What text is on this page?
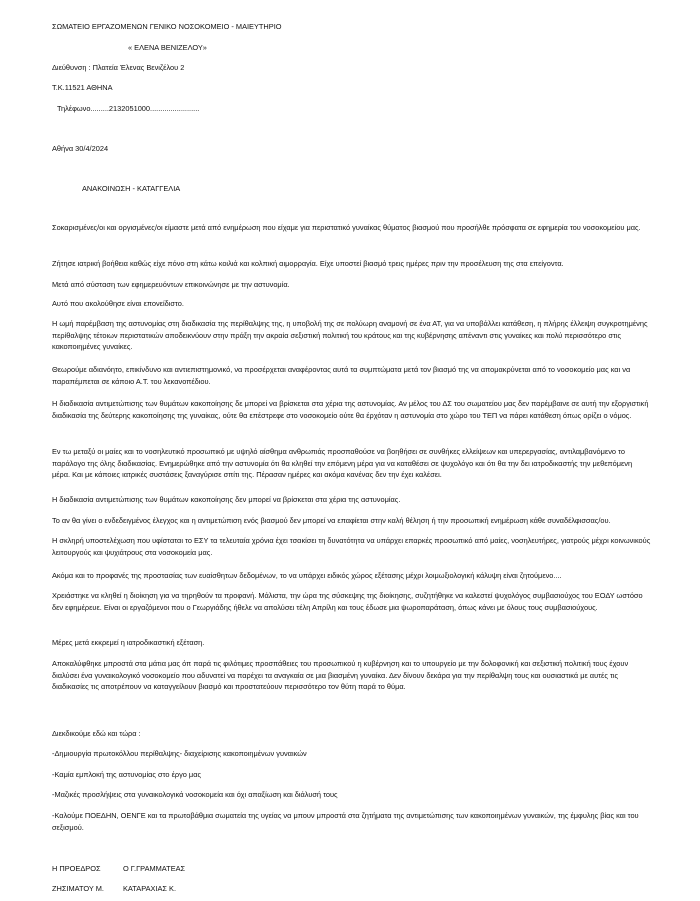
ΣΩΜΑΤΕΙΟ ΕΡΓΑΖΟΜΕΝΩΝ ΓΕΝΙΚΟ ΝΟΣΟΚΟΜΕΙΟ - ΜΑΙΕΥΤΗΡΙΟ

« ΕΛΕΝΑ ΒΕΝΙΖΕΛΟΥ»

Διεύθυνση : Πλατεία Έλενας Βενιζέλου 2

Τ.Κ.11521 ΑΘΗΝΑ

Τηλέφωνο.........2132051000........................

Αθήνα 30/4/2024

ΑΝΑΚΟΙΝΩΣΗ - ΚΑΤΑΓΓΕΛΙΑ

Σοκαρισμένες/οι και οργισμένες/οι είμαστε μετά από ενημέρωση που είχαμε για περιστατικό γυναίκας θύματος βιασμού που προσήλθε πρόσφατα σε εφημερία του νοσοκομείου μας.

Ζήτησε ιατρική βοήθεια καθώς είχε πόνο στη κάτω κοιλιά και κολπική αιμορραγία. Είχε υποστεί βιασμό τρεις ημέρες πριν την προσέλευση της στα επείγοντα.

Μετά από σύσταση των εφημερευόντων επικοινώνησε με την αστυνομία.

Αυτό που ακολούθησε είναι επονείδιστο.

Η ωμή παρέμβαση της αστυνομίας στη διαδικασία της περίθαλψης της, η υποβολή της σε πολύωρη αναμονή σε ένα ΑΤ, για να υποβάλλει κατάθεση, η πλήρης έλλειψη συγκροτημένης περίθαλψης τέτοιων περιστατικών αποδεικνύουν στην πράξη την ακραία σεξιστική πολιτική του κράτους και της κυβέρνησης απέναντι στις γυναίκες και πολύ περισσότερο στις κακοποιημένες γυναίκες.

Θεωρούμε αδιανόητο, επικίνδυνο και αντιεπιστημονικό, να προσέρχεται αναφέροντας αυτά τα συμπτώματα μετά τον βιασμό της να απομακρύνεται από το νοσοκομείο μας και να παραπέμπεται σε κάποιο Α.Τ. του λεκανοπέδιου.

Η διαδικασία αντιμετώπισης των θυμάτων κακοποίησης δε μπορεί να βρίσκεται στα χέρια της αστυνομίας. Αν μέλος του ΔΣ του σωματείου μας δεν παρέμβαινε σε αυτή την εξοργιστική διαδικασία της δεύτερης κακοποίησης της γυναίκας, ούτε θα επέστρεφε στο νοσοκομείο ούτε θα έρχόταν η αστυνομία στο χώρο του ΤΕΠ να πάρει κατάθεση όπως ορίζει ο νόμος.

Εν τω μεταξύ οι μαίες και το νοσηλευτικό προσωπικό με υψηλό αίσθημα ανθρωπιάς προσπαθούσε να βοηθήσει σε συνθήκες ελλείψεων και υπερεργασίας, αντιλαμβανόμενο το παράλογο της όλης διαδικασίας. Ενημερώθηκε από την αστυνομία ότι θα κληθεί την επόμενη μέρα για να καταθέσει σε ψυχολόγο και ότι θα την δει ιατροδικαστής την μεθεπόμενη μέρα. Και με κάποιες ιατρικές συστάσεις ξαναγύρισε σπίτι της. Πέρασαν ημέρες και ακόμα κανένας δεν την έχει καλέσει.

Η διαδικασία αντιμετώπισης των θυμάτων κακοποίησης δεν μπορεί να βρίσκεται στα χέρια της αστυνομίας.

Το αν θα γίνει ο ενδεδειγμένος έλεγχος και η αντιμετώπιση ενός βιασμού δεν μπορεί να επαφίεται στην καλή θέληση ή την προσωπική ενημέρωση κάθε συναδέλφισσας/ου.

Η σκληρή υποστελέχωση που υφίσταται το ΕΣΥ τα τελευταία χρόνια έχει τσακίσει τη δυνατότητα να υπάρχει επαρκές προσωπικό από μαίες, νοσηλευτήρες, γιατρούς μέχρι κοινωνικούς λειτουργούς και ψυχιάτρους στα νοσοκομεία μας.

Ακόμα και το προφανές της προστασίας των ευαίσθητων δεδομένων, το να υπάρχει ειδικός χώρος εξέτασης μέχρι λοιμωξιολογική κάλυψη είναι ζητούμενο....

Χρειάστηκε να κληθεί η διοίκηση για να τηρηθούν τα προφανή. Μάλιστα, την ώρα της σύσκεψης της διοίκησης, συζητήθηκε να καλεστεί ψυχολόγος συμβασιούχος του ΕΟΔΥ ωστόσο δεν εφημέρευε. Είναι οι εργαζόμενοι που ο Γεωργιάδης ήθελε να απολύσει τέλη Απρίλη και τους έδωσε μια ψωροπαράταση, όπως κάνει με όλους τους συμβασιούχους.

Μέρες μετά εκκρεμεί η ιατροδικαστική εξέταση.

Αποκαλύφθηκε μπροστά στα μάτια μας όπ παρά τις φιλότιμες προσπάθειες του προσωπικού η κυβέρνηση και το υπουργείο με την δολοφονική και σεξιστική πολιτική τους έχουν διαλύσει ένα γυναικολογικό νοσοκομείο που αδυνατεί να παρέχει τα αναγκαία σε μια βιασμένη γυναίκα. Δεν δίνουν δεκάρα για την περίθαλψη τους και ουσιαστικά με αυτές τις διαδικασίες τις αποτρέπουν να καταγγείλουν βιασμό και προστατεύουν περισσότερο τον θύτη παρά το θύμα.

Διεκδικούμε εδώ και τώρα :

-Δημιουργία πρωτοκόλλου περίθαλψης- διαχείρισης κακοποιημένων γυναικών

-Καμία εμπλοκή της αστυνομίας στο έργο μας

-Μαζικές προσλήψεις στα γυναικολογικά νοσοκομεία και όχι απαξίωση και διάλυσή τους

-Καλούμε ΠΟΕΔΗΝ, ΟΕΝΓΕ και τα πρωτοβάθμια σωματεία της υγείας να μπουν μπροστά στα ζητήματα της αντιμετώπισης των κακοποιημένων γυναικών, της έμφυλης βίας και του σεξισμού.

Η ΠΡΟΕΔΡΟΣ	Ο Γ.ΓΡΑΜΜΑΤΕΑΣ
ΖΗΣΙΜΑΤΟΥ Μ.	ΚΑΤΑΡΑΧΙΑΣ Κ.
